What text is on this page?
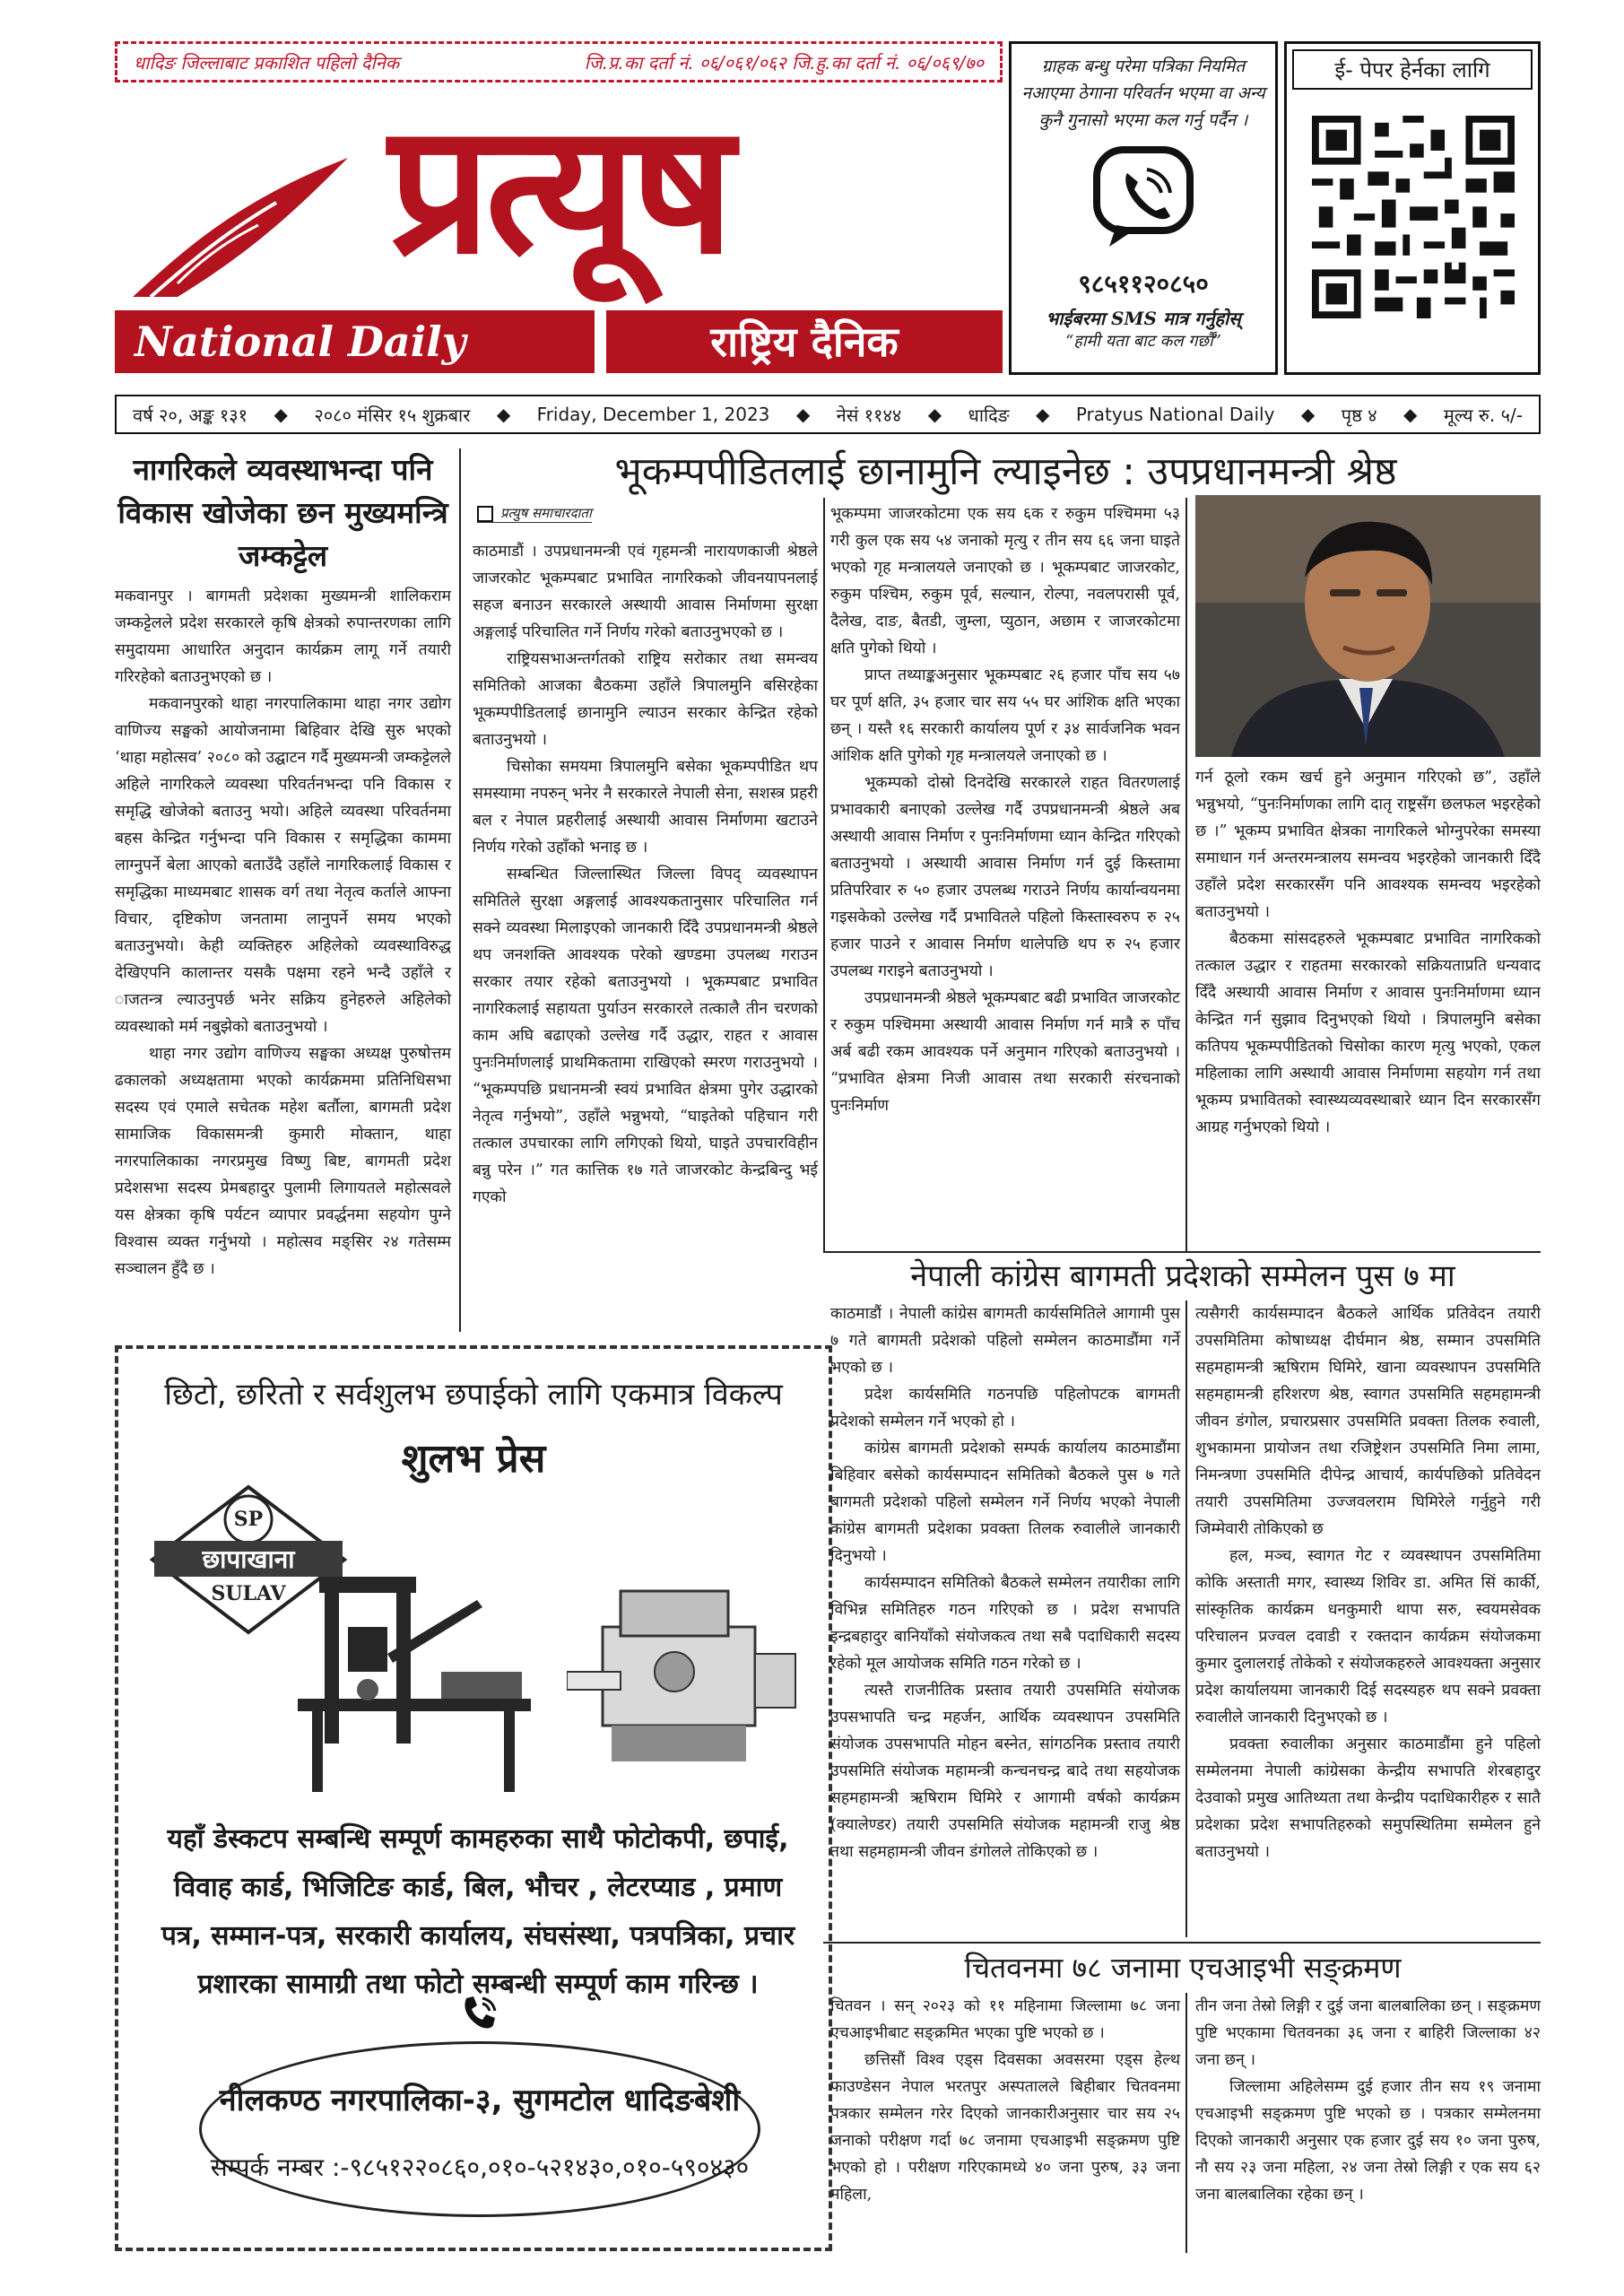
धादिङ जिल्लाबाट प्रकाशित पहिलो दैनिक	जि.प्र.का दर्ता नं. ०६/०६१/०६२ जि.हु.का दर्ता नं. ०६/०६९/७०
प्रत्यूष
National Daily	राष्ट्रिय दैनिक

ग्राहक बन्धु परेमा पत्रिका नियमित नआएमा ठेगाना परिवर्तन भएमा वा अन्य कुनै गुनासो भएमा कल गर्नु पर्दैन ।

९८५११२०८५०
भाईबरमा SMS मात्र गर्नुहोस्
“हामी यता बाट कल गर्छौं”
ई- पेपर हेर्नका लागि
वर्ष २०, अङ्क १३१ ◆ २०८० मंसिर १५ शुक्रबार ◆ Friday, December 1, 2023 ◆ नेसं ११४४ ◆ धादिङ ◆ Pratyus National Daily ◆ पृष्ठ ४ ◆ मूल्य रु. ५/-
नागरिकले व्यवस्थाभन्दा पनि विकास खोजेका छन मुख्यमन्त्रि जम्कट्टेल

मकवानपुर । बागमती प्रदेशका मुख्यमन्त्री शालिकराम जम्कट्टेलले प्रदेश सरकारले कृषि क्षेत्रको रुपान्तरणका लागि समुदायमा आधारित अनुदान कार्यक्रम लागू गर्ने तयारी गरिरहेको बताउनुभएको छ ।

मकवानपुरको थाहा नगरपालिकामा थाहा नगर उद्योग वाणिज्य सङ्घको आयोजनामा बिहिवार देखि सुरु भएको ‘थाहा महोत्सव’ २०८० को उद्घाटन गर्दै मुख्यमन्त्री जम्कट्टेलले अहिले नागरिकले व्यवस्था परिवर्तनभन्दा पनि विकास र समृद्धि खोजेको बताउनु भयो। अहिले व्यवस्था परिवर्तनमा बहस केन्द्रित गर्नुभन्दा पनि विकास र समृद्धिका काममा लाग्नुपर्ने बेला आएको बताउँदै उहाँले नागरिकलाई विकास र समृद्धिका माध्यमबाट शासक वर्ग तथा नेतृत्व कर्ताले आफ्ना विचार, दृष्टिकोण जनतामा लानुपर्ने समय भएको बताउनुभयो। केही व्यक्तिहरु अहिलेको व्यवस्थाविरुद्ध देखिएपनि कालान्तर यसकै पक्षमा रहने भन्दै उहाँले र ाजतन्त्र ल्याउनुपर्छ भनेर सक्रिय हुनेहरुले अहिलेको व्यवस्थाको मर्म नबुझेको बताउनुभयो ।

थाहा नगर उद्योग वाणिज्य सङ्घका अध्यक्ष पुरुषोत्तम ढकालको अध्यक्षतामा भएको कार्यक्रममा प्रतिनिधिसभा सदस्य एवं एमाले सचेतक महेश बर्तौला, बागमती प्रदेश सामाजिक विकासमन्त्री कुमारी मोक्तान, थाहा नगरपालिकाका नगरप्रमुख विष्णु बिष्ट, बागमती प्रदेश प्रदेशसभा सदस्य प्रेमबहादुर पुलामी लिगायतले महोत्सवले यस क्षेत्रका कृषि पर्यटन व्यापार प्रवर्द्धनमा सहयोग पुग्ने विश्वास व्यक्त गर्नुभयो । महोत्सव मङ्सिर २४ गतेसम्म सञ्चालन हुँदै छ ।

भूकम्पपीडितलाई छानामुनि ल्याइनेछ : उपप्रधानमन्त्री श्रेष्ठ
प्रत्युष समाचारदाता

काठमाडौं । उपप्रधानमन्त्री एवं गृहमन्त्री नारायणकाजी श्रेष्ठले जाजरकोट भूकम्पबाट प्रभावित नागरिकको जीवनयापनलाई सहज बनाउन सरकारले अस्थायी आवास निर्माणमा सुरक्षा अङ्गलाई परिचालित गर्ने निर्णय गरेको बताउनुभएको छ ।

राष्ट्रियसभाअन्तर्गतको राष्ट्रिय सरोकार तथा समन्वय समितिको आजका बैठकमा उहाँले त्रिपालमुनि बसिरहेका भूकम्पपीडितलाई छानामुनि ल्याउन सरकार केन्द्रित रहेको बताउनुभयो ।

चिसोका समयमा त्रिपालमुनि बसेका भूकम्पपीडित थप समस्यामा नपरुन् भनेर नै सरकारले नेपाली सेना, सशस्त्र प्रहरी बल र नेपाल प्रहरीलाई अस्थायी आवास निर्माणमा खटाउने निर्णय गरेको उहाँको भनाइ छ ।

सम्बन्धित जिल्लास्थित जिल्ला विपद् व्यवस्थापन समितिले सुरक्षा अङ्गलाई आवश्यकतानुसार परिचालित गर्न सक्ने व्यवस्था मिलाइएको जानकारी दिँदै उपप्रधानमन्त्री श्रेष्ठले थप जनशक्ति आवश्यक परेको खण्डमा उपलब्ध गराउन सरकार तयार रहेको बताउनुभयो । भूकम्पबाट प्रभावित नागरिकलाई सहायता पुर्याउन सरकारले तत्कालै तीन चरणको काम अघि बढाएको उल्लेख गर्दै उद्धार, राहत र आवास पुनःनिर्माणलाई प्राथमिकतामा राखिएको स्मरण गराउनुभयो । “भूकम्पपछि प्रधानमन्त्री स्वयं प्रभावित क्षेत्रमा पुगेर उद्धारको नेतृत्व गर्नुभयो”, उहाँले भन्नुभयो, “घाइतेको पहिचान गरी तत्काल उपचारका लागि लगिएको थियो, घाइते उपचारविहीन बन्नु परेन ।” गत कात्तिक १७ गते जाजरकोट केन्द्रबिन्दु भई गएको

भूकम्पमा जाजरकोटमा एक सय ६क र रुकुम पश्चिममा ५३ गरी कुल एक सय ५४ जनाको मृत्यु र तीन सय ६६ जना घाइते भएको गृह मन्त्रालयले जनाएको छ । भूकम्पबाट जाजरकोट, रुकुम पश्चिम, रुकुम पूर्व, सल्यान, रोल्पा, नवलपरासी पूर्व, दैलेख, दाङ, बैतडी, जुम्ला, प्युठान, अछाम र जाजरकोटमा क्षति पुगेको थियो ।

प्राप्त तथ्याङ्कअनुसार भूकम्पबाट २६ हजार पाँच सय ५७ घर पूर्ण क्षति, ३५ हजार चार सय ५५ घर आंशिक क्षति भएका छन् । यस्तै १६ सरकारी कार्यालय पूर्ण र ३४ सार्वजनिक भवन आंशिक क्षति पुगेको गृह मन्त्रालयले जनाएको छ ।

भूकम्पको दोस्रो दिनदेखि सरकारले राहत वितरणलाई प्रभावकारी बनाएको उल्लेख गर्दै उपप्रधानमन्त्री श्रेष्ठले अब अस्थायी आवास निर्माण र पुनःनिर्माणमा ध्यान केन्द्रित गरिएको बताउनुभयो । अस्थायी आवास निर्माण गर्न दुई किस्तामा प्रतिपरिवार रु ५० हजार उपलब्ध गराउने निर्णय कार्यान्वयनमा गइसकेको उल्लेख गर्दै प्रभावितले पहिलो किस्तास्वरुप रु २५ हजार पाउने र आवास निर्माण थालेपछि थप रु २५ हजार उपलब्ध गराइने बताउनुभयो ।

उपप्रधानमन्त्री श्रेष्ठले भूकम्पबाट बढी प्रभावित जाजरकोट र रुकुम पश्चिममा अस्थायी आवास निर्माण गर्न मात्रै रु पाँच अर्ब बढी रकम आवश्यक पर्ने अनुमान गरिएको बताउनुभयो । “प्रभावित क्षेत्रमा निजी आवास तथा सरकारी संरचनाको पुनःनिर्माण

गर्न ठूलो रकम खर्च हुने अनुमान गरिएको छ”, उहाँले भन्नुभयो, “पुनःनिर्माणका लागि दातृ राष्ट्रसँग छलफल भइरहेको छ ।” भूकम्प प्रभावित क्षेत्रका नागरिकले भोग्नुपरेका समस्या समाधान गर्न अन्तरमन्त्रालय समन्वय भइरहेको जानकारी दिँदै उहाँले प्रदेश सरकारसँग पनि आवश्यक समन्वय भइरहेको बताउनुभयो ।

बैठकमा सांसदहरुले भूकम्पबाट प्रभावित नागरिकको तत्काल उद्धार र राहतमा सरकारको सक्रियताप्रति धन्यवाद दिँदै अस्थायी आवास निर्माण र आवास पुनःनिर्माणमा ध्यान केन्द्रित गर्न सुझाव दिनुभएको थियो । त्रिपालमुनि बसेका कतिपय भूकम्पपीडितको चिसोका कारण मृत्यु भएको, एकल महिलाका लागि अस्थायी आवास निर्माणमा सहयोग गर्न तथा भूकम्प प्रभावितको स्वास्थ्यव्यवस्थाबारे ध्यान दिन सरकारसँग आग्रह गर्नुभएको थियो ।

नेपाली कांग्रेस बागमती प्रदेशको सम्मेलन पुस ७ मा

काठमाडौं । नेपाली कांग्रेस बागमती कार्यसमितिले आगामी पुस ७ गते बागमती प्रदेशको पहिलो सम्मेलन काठमाडौंमा गर्ने भएको छ ।

प्रदेश कार्यसमिति गठनपछि पहिलोपटक बागमती प्रदेशको सम्मेलन गर्ने भएको हो ।

कांग्रेस बागमती प्रदेशको सम्पर्क कार्यालय काठमाडौंमा बिहिवार बसेको कार्यसम्पादन समितिको बैठकले पुस ७ गते बागमती प्रदेशको पहिलो सम्मेलन गर्ने निर्णय भएको नेपाली कांग्रेस बागमती प्रदेशका प्रवक्ता तिलक रुवालीले जानकारी दिनुभयो ।

कार्यसम्पादन समितिको बैठकले सम्मेलन तयारीका लागि विभिन्न समितिहरु गठन गरिएको छ । प्रदेश सभापति इन्द्रबहादुर बानियाँको संयोजकत्व तथा सबै पदाधिकारी सदस्य रहेको मूल आयोजक समिति गठन गरेको छ ।

त्यस्तै राजनीतिक प्रस्ताव तयारी उपसमिति संयोजक उपसभापति चन्द्र महर्जन, आर्थिक व्यवस्थापन उपसमिति संयोजक उपसभापति मोहन बस्नेत, सांगठनिक प्रस्ताव तयारी उपसमिति संयोजक महामन्त्री कन्चनचन्द्र बादे तथा सहयोजक सहमहामन्त्री ऋषिराम घिमिरे र आगामी वर्षको कार्यक्रम (क्यालेण्डर) तयारी उपसमिति संयोजक महामन्त्री राजु श्रेष्ठ तथा सहमहामन्त्री जीवन डंगोलले तोकिएको छ ।

त्यसैगरी कार्यसम्पादन बैठकले आर्थिक प्रतिवेदन तयारी उपसमितिमा कोषाध्यक्ष दीर्घमान श्रेष्ठ, सम्मान उपसमिति सहमहामन्त्री ऋषिराम घिमिरे, खाना व्यवस्थापन उपसमिति सहमहामन्त्री हरिशरण श्रेष्ठ, स्वागत उपसमिति सहमहामन्त्री जीवन डंगोल, प्रचारप्रसार उपसमिति प्रवक्ता तिलक रुवाली, शुभकामना प्रायोजन तथा रजिष्ट्रेशन उपसमिति निमा लामा, निमन्त्रणा उपसमिति दीपेन्द्र आचार्य, कार्यपछिको प्रतिवेदन तयारी उपसमितिमा उज्जवलराम घिमिरेले गर्नुहुने गरी जिम्मेवारी तोकिएको छ

हल, मञ्च, स्वागत गेट र व्यवस्थापन उपसमितिमा कोकि अस्ताती मगर, स्वास्थ्य शिविर डा. अमित सिं कार्की, सांस्कृतिक कार्यक्रम धनकुमारी थापा सरु, स्वयमसेवक परिचालन प्रज्वल दवाडी र रक्तदान कार्यक्रम संयोजकमा कुमार दुलालराई तोकेको र संयोजकहरुले आवश्यक्ता अनुसार प्रदेश कार्यालयमा जानकारी दिई सदस्यहरु थप सक्ने प्रवक्ता रुवालीले जानकारी दिनुभएको छ ।

प्रवक्ता रुवालीका अनुसार काठमाडौंमा हुने पहिलो सम्मेलनमा नेपाली कांग्रेसका केन्द्रीय सभापति शेरबहादुर देउवाको प्रमुख आतिथ्यता तथा केन्द्रीय पदाधिकारीहरु र सातै प्रदेशका प्रदेश सभापतिहरुको समुपस्थितिमा सम्मेलन हुने बताउनुभयो ।

चितवनमा ७८ जनामा एचआइभी सङ्क्रमण

चितवन । सन् २०२३ को ११ महिनामा जिल्लामा ७८ जना एचआइभीबाट सङ्क्रमित भएका पुष्टि भएको छ ।

छत्तिसौं विश्व एड्स दिवसका अवसरमा एड्स हेल्थ फाउण्डेसन नेपाल भरतपुर अस्पतालले बिहीबार चितवनमा पत्रकार सम्मेलन गरेर दिएको जानकारीअनुसार चार सय २५ जनाको परीक्षण गर्दा ७८ जनामा एचआइभी सङ्क्रमण पुष्टि भएको हो । परीक्षण गरिएकामध्ये ४० जना पुरुष, ३३ जना महिला,

तीन जना तेस्रो लिङ्गी र दुई जना बालबालिका छन् । सङ्क्रमण पुष्टि भएकामा चितवनका ३६ जना र बाहिरी जिल्लाका ४२ जना छन् ।

जिल्लामा अहिलेसम्म दुई हजार तीन सय १९ जनामा एचआइभी सङ्क्रमण पुष्टि भएको छ । पत्रकार सम्मेलनमा दिएको जानकारी अनुसार एक हजार दुई सय १० जना पुरुष, नौ सय २३ जना महिला, २४ जना तेस्रो लिङ्गी र एक सय ६२ जना बालबालिका रहेका छन् ।

छिटो, छरितो र सर्वशुलभ छपाईको लागि एकमात्र विकल्प
शुलभ प्रेस
SP
छापाखाना
SULAV
यहाँ डेस्कटप सम्बन्धि सम्पूर्ण कामहरुका साथै फोटोकपी, छपाई, विवाह कार्ड, भिजिटिङ कार्ड, बिल, भौचर , लेटरप्याड , प्रमाण पत्र, सम्मान-पत्र, सरकारी कार्यालय, संघसंस्था, पत्रपत्रिका, प्रचार प्रशारका सामाग्री तथा फोटो सम्बन्धी सम्पूर्ण काम गरिन्छ ।
नीलकण्ठ नगरपालिका-३, सुगमटोल धादिङबेशी
सम्पर्क नम्बर :-९८५१२२०८६०,०१०-५२१४३०,०१०-५९०४३०
